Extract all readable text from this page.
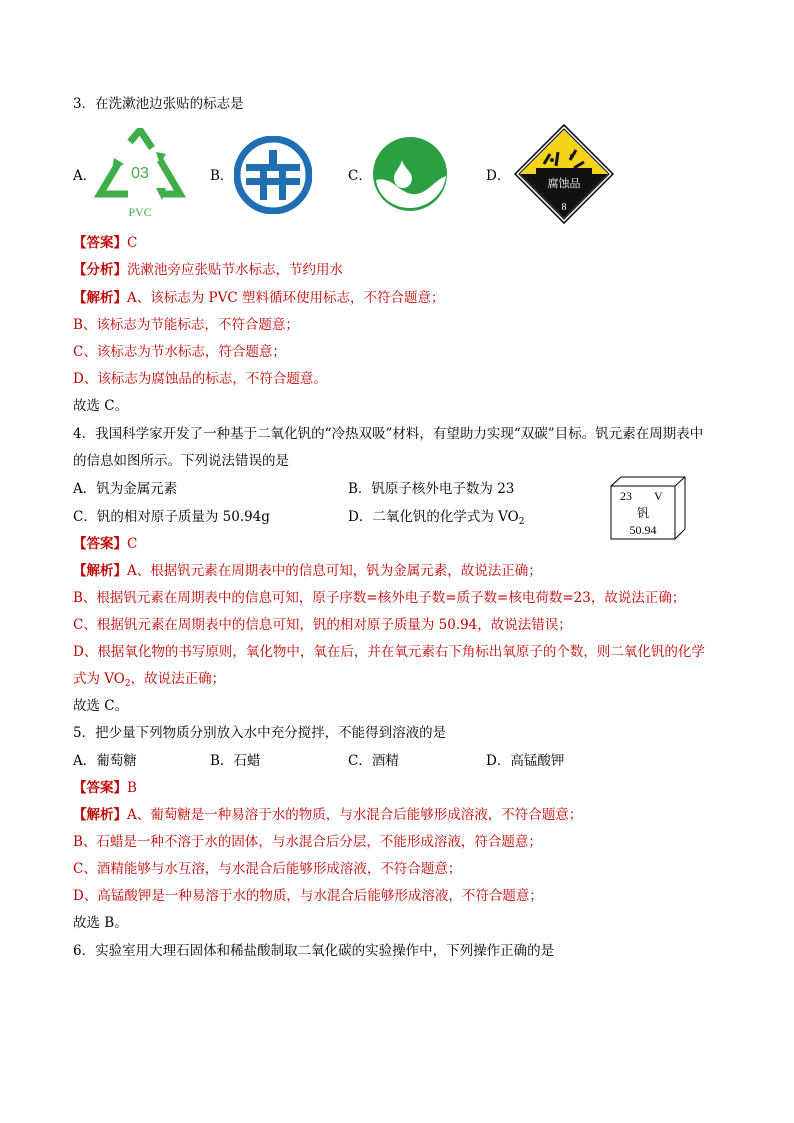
3．在洗漱池边张贴的标志是
A． 03
PVC
B．	C．	D．	腐蚀品
8
【答案】C
【分析】洗漱池旁应张贴节水标志，节约用水
【解析】A、该标志为 PVC 塑料循环使用标志，不符合题意；
B、该标志为节能标志，不符合题意；
C、该标志为节水标志，符合题意；
D、该标志为腐蚀品的标志，不符合题意。
故选 C。
4．我国科学家开发了一种基于二氧化钒的“冷热双吸”材料，有望助力实现“双碳”目标。钒元素在周期表中
的信息如图所示。下列说法错误的是
A．钒为金属元素	B．钒原子核外电子数为 23
C．钒的相对原子质量为 50.94g	D．二氧化钒的化学式为 $VO_2$
23 V
钒
50.94
【答案】C
【解析】A、根据钒元素在周期表中的信息可知，钒为金属元素，故说法正确；
B、根据钒元素在周期表中的信息可知，原子序数=核外电子数=质子数=核电荷数=23，故说法正确；
C、根据钒元素在周期表中的信息可知，钒的相对原子质量为 50.94，故说法错误；
D、根据氧化物的书写原则，氧化物中，氧在后，并在氧元素右下角标出氧原子的个数，则二氧化钒的化学
式为 $VO_2$，故说法正确；
故选 C。
5．把少量下列物质分别放入水中充分搅拌，不能得到溶液的是
A．葡萄糖	B．石蜡	C．酒精	D．高锰酸钾
【答案】B
【解析】A、葡萄糖是一种易溶于水的物质，与水混合后能够形成溶液，不符合题意；
B、石蜡是一种不溶于水的固体，与水混合后分层，不能形成溶液，符合题意；
C、酒精能够与水互溶，与水混合后能够形成溶液，不符合题意；
D、高锰酸钾是一种易溶于水的物质，与水混合后能够形成溶液，不符合题意；
故选 B。
6．实验室用大理石固体和稀盐酸制取二氧化碳的实验操作中，下列操作正确的是
